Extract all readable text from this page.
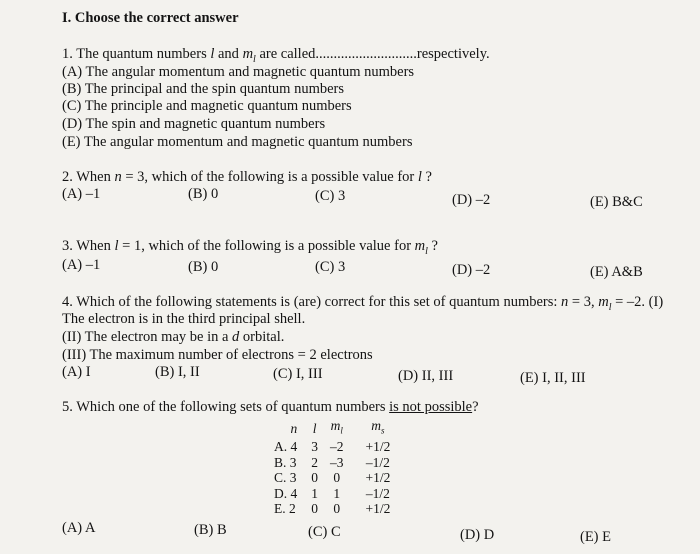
I. Choose the correct answer
1. The quantum numbers l and $m_l$ are called............................respectively.
(A) The angular momentum and magnetic quantum numbers
(B) The principal and the spin quantum numbers
(C) The principle and magnetic quantum numbers
(D) The spin and magnetic quantum numbers
(E) The angular momentum and magnetic quantum numbers
2. When n = 3, which of the following is a possible value for l ?
(A) –1	(B) 0	(C) 3	(D) –2	(E) B&C
3. When l = 1, which of the following is a possible value for $m_l$ ?
(A) –1	(B) 0	(C) 3	(D) –2	(E) A&B
4. Which of the following statements is (are) correct for this set of quantum numbers: n = 3, $m_l = -2$. (I)
The electron is in the third principal shell.
(II) The electron may be in a d orbital.
(III) The maximum number of electrons = 2 electrons
(A) I	(B) I, II	(C) I, III	(D) II, III	(E) I, II, III
5. Which one of the following sets of quantum numbers is not possible?
n	l	$m_l$	$m_s$
A. 4	3	–2	+1/2
B. 3	2	–3	–1/2
C. 3	0	0	+1/2
D. 4	1	1	–1/2
E. 2	0	0	+1/2
(A) A	(B) B	(C) C	(D) D	(E) E
